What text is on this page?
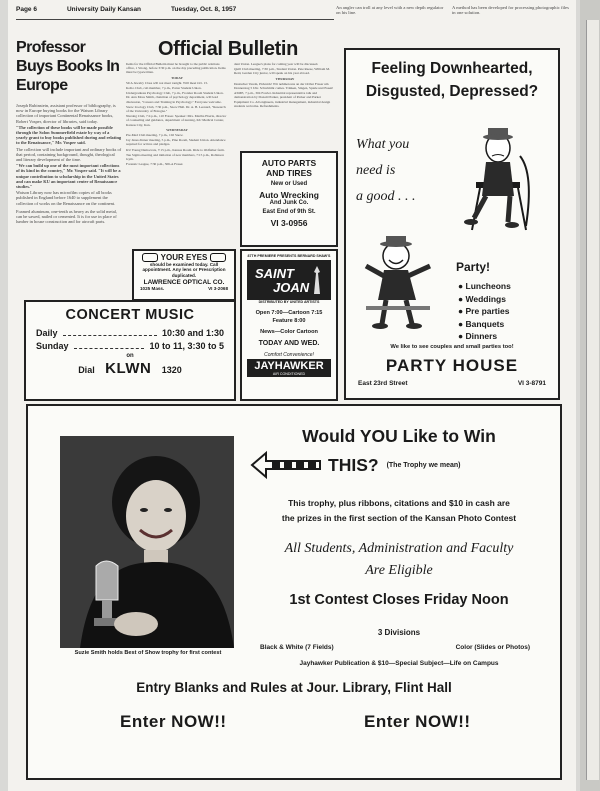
Page 6	University Daily Kansan	Tuesday, Oct. 8, 1957	An angler can troll at any level with a new depth regulator on his line.
A method has been developed for processing photographic files in one solution.
Professor Buys Books In Europe

Joseph Rubinstein, assistant professor of bibliography, is now in Europe buying books for the Watson Library collection of important Continental Renaissance books, Robert Vosper, director of libraries, said today.

"The collection of these books will be made possible through the Solon Summerfield estate by way of a yearly grant to buy books published during and relating to the Renaissance," Mr. Vosper said.

The collection will include important and ordinary books of that period, containing background, thought, theological and literary development of the time.

"We can build up one of the most important collections of its kind in the country," Mr. Vosper said. "It will be a unique contribution to scholarship in the United States and can make KU an important center of Renaissance studies."

Watson Library now has microfilm copies of all books published in England before 1640 to supplement the collection of works on the Renaissance on the continent.

Foamed aluminum, one-tenth as heavy as the solid metal, can be sawed, nailed or cemented. It is for use in place of lumber in house construction and for aircraft parts.

Official Bulletin

Items for the Official Bulletin must be brought to the public relations office, 1 Strong, before 3:30 p.m. on the day preceding publication. Items must be typewritten.

TODAY

SUA Jewelry Class will not meet tonight. Will meet Oct. 15.

KoKo Club, cub member, 7 p.m., Potter Student Union.

Undergraduate Psychology Club, 7 p.m., Frontier Room Student Union. Dr. Ann Moss Smith, chairman of psychology department, will lead discussion, "Careers and Training in Psychology." Everyone welcome.

Snow Zoology Club, 7:30 p.m., Snow Hall. Dr. A. B. Leonard, "Research of the University of Bologna."

Nursing Club, 7:4 p.m., 110 Fraser. Speaker: Mrs. Martha Eberle, director of counseling and guidance, department of nursing, KU Medical Center, Kansas City, Kan.

WEDNESDAY

Pre-Med Club meeting, 7 p.m., 102 Snow.

Jay Janes dinner meeting, 5 p.m., Pine Room, Student Union. Attendance required for actives and pledges.

KU Young Democrats, 7:15 p.m., Kansas Room. Ride to Oldfather farm.

Tau Sigma meeting and initiation of new members, 7:15 p.m., Robinson Gym.

Forensic League, 7:30 p.m., 306-A Fraser.

dent Union. League's plans for coming year will be discussed.

Quill Club meeting, 7:30 p.m., Student Union. Pete Reese, William M. Reid, Garden City junior, will speak on his year abroad.

THURSDAY

Deutscher Verein, Picknick! Wir nehmen uns an der Ortbar Fraser um Donnerstag 5 Uhr. Schwimmt comes. Trinken, Singen, Spiele und Essen!

ASME, 7 p.m., 304 Fowler. Industrial representative talk and demonstration by Donald Parker, president of Parker and Parker Equipment Co. All engineers, industrial management, industrial design students welcome. Refreshments.

AUTO PARTS
AND TIRES
New or Used
Auto Wrecking
And Junk Co.
East End of 9th St.
VI 3-0956
YOUR EYES
should be examined today. Call appointment. Any lens or Prescription duplicated.
LAWRENCE OPTICAL CO.
1025 Mass.	VI 3-2068
CONCERT MUSIC
Daily	10:30 and 1:30
Sunday	10 to 11, 3:30 to 5
on
Dial KLWN 1320
87TH PREMIERE PRESENTS BERNARD SHAW'S
SAINT
JOAN
DISTRIBUTED BY UNITED ARTISTS
Open 7:00—Cartoon 7:15
Feature 8:00
News—Color Cartoon
TODAY AND WED.
Comfort Convenience!
JAYHAWKER
AIR CONDITIONED
Feeling Downhearted,
Disgusted, Depressed?
What you
need is
a good . . .
Party!
● Luncheons
● Weddings
● Pre parties
● Banquets
● Dinners
We like to see couples and small parties too!
PARTY HOUSE
East 23rd Street	VI 3-8791
Suzie Smith holds Best of Show trophy for first contest
Would YOU Like to Win
THIS? (The Trophy we mean)
This trophy, plus ribbons, citations and $10 in cash are
the prizes in the first section of the Kansan Photo Contest
All Students, Administration and Faculty
Are Eligible
1st Contest Closes Friday Noon
3 Divisions
Black & White (7 Fields)	Color (Slides or Photos)
Jayhawker Publication & $10—Special Subject—Life on Campus
Entry Blanks and Rules at Jour. Library, Flint Hall
Enter NOW!!	Enter NOW!!
